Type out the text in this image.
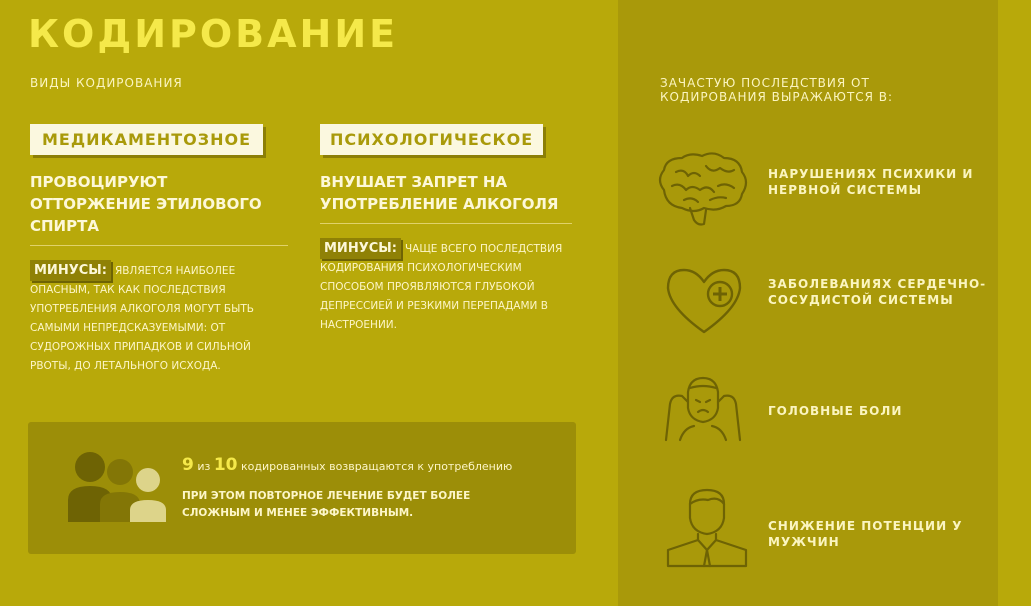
КОДИРОВАНИЕ
ВИДЫ КОДИРОВАНИЯ
МЕДИКАМЕНТОЗНОЕ
ПРОВОЦИРУЮТ ОТТОРЖЕНИЕ ЭТИЛОВОГО СПИРТА
МИНУСЫ: ЯВЛЯЕТСЯ НАИБОЛЕЕ ОПАСНЫМ, ТАК КАК ПОСЛЕДСТВИЯ УПОТРЕБЛЕНИЯ АЛКОГОЛЯ МОГУТ БЫТЬ САМЫМИ НЕПРЕДСКАЗУЕМЫМИ: ОТ СУДОРОЖНЫХ ПРИПАДКОВ И СИЛЬНОЙ РВОТЫ, ДО ЛЕТАЛЬНОГО ИСХОДА.
ПСИХОЛОГИЧЕСКОЕ
ВНУШАЕТ ЗАПРЕТ НА УПОТРЕБЛЕНИЕ АЛКОГОЛЯ
МИНУСЫ: ЧАЩЕ ВСЕГО ПОСЛЕДСТВИЯ КОДИРОВАНИЯ ПСИХОЛОГИЧЕСКИМ СПОСОБОМ ПРОЯВЛЯЮТСЯ ГЛУБОКОЙ ДЕПРЕССИЕЙ И РЕЗКИМИ ПЕРЕПАДАМИ В НАСТРОЕНИИ.
9 из 10 кодированных возвращаются к употреблению
ПРИ ЭТОМ ПОВТОРНОЕ ЛЕЧЕНИЕ БУДЕТ БОЛЕЕ СЛОЖНЫМ И МЕНЕЕ ЭФФЕКТИВНЫМ.
ЗАЧАСТУЮ ПОСЛЕДСТВИЯ ОТ КОДИРОВАНИЯ ВЫРАЖАЮТСЯ В:
НАРУШЕНИЯХ ПСИХИКИ И НЕРВНОЙ СИСТЕМЫ
ЗАБОЛЕВАНИЯХ СЕРДЕЧНО-СОСУДИСТОЙ СИСТЕМЫ
ГОЛОВНЫЕ БОЛИ
СНИЖЕНИЕ ПОТЕНЦИИ У МУЖЧИН
